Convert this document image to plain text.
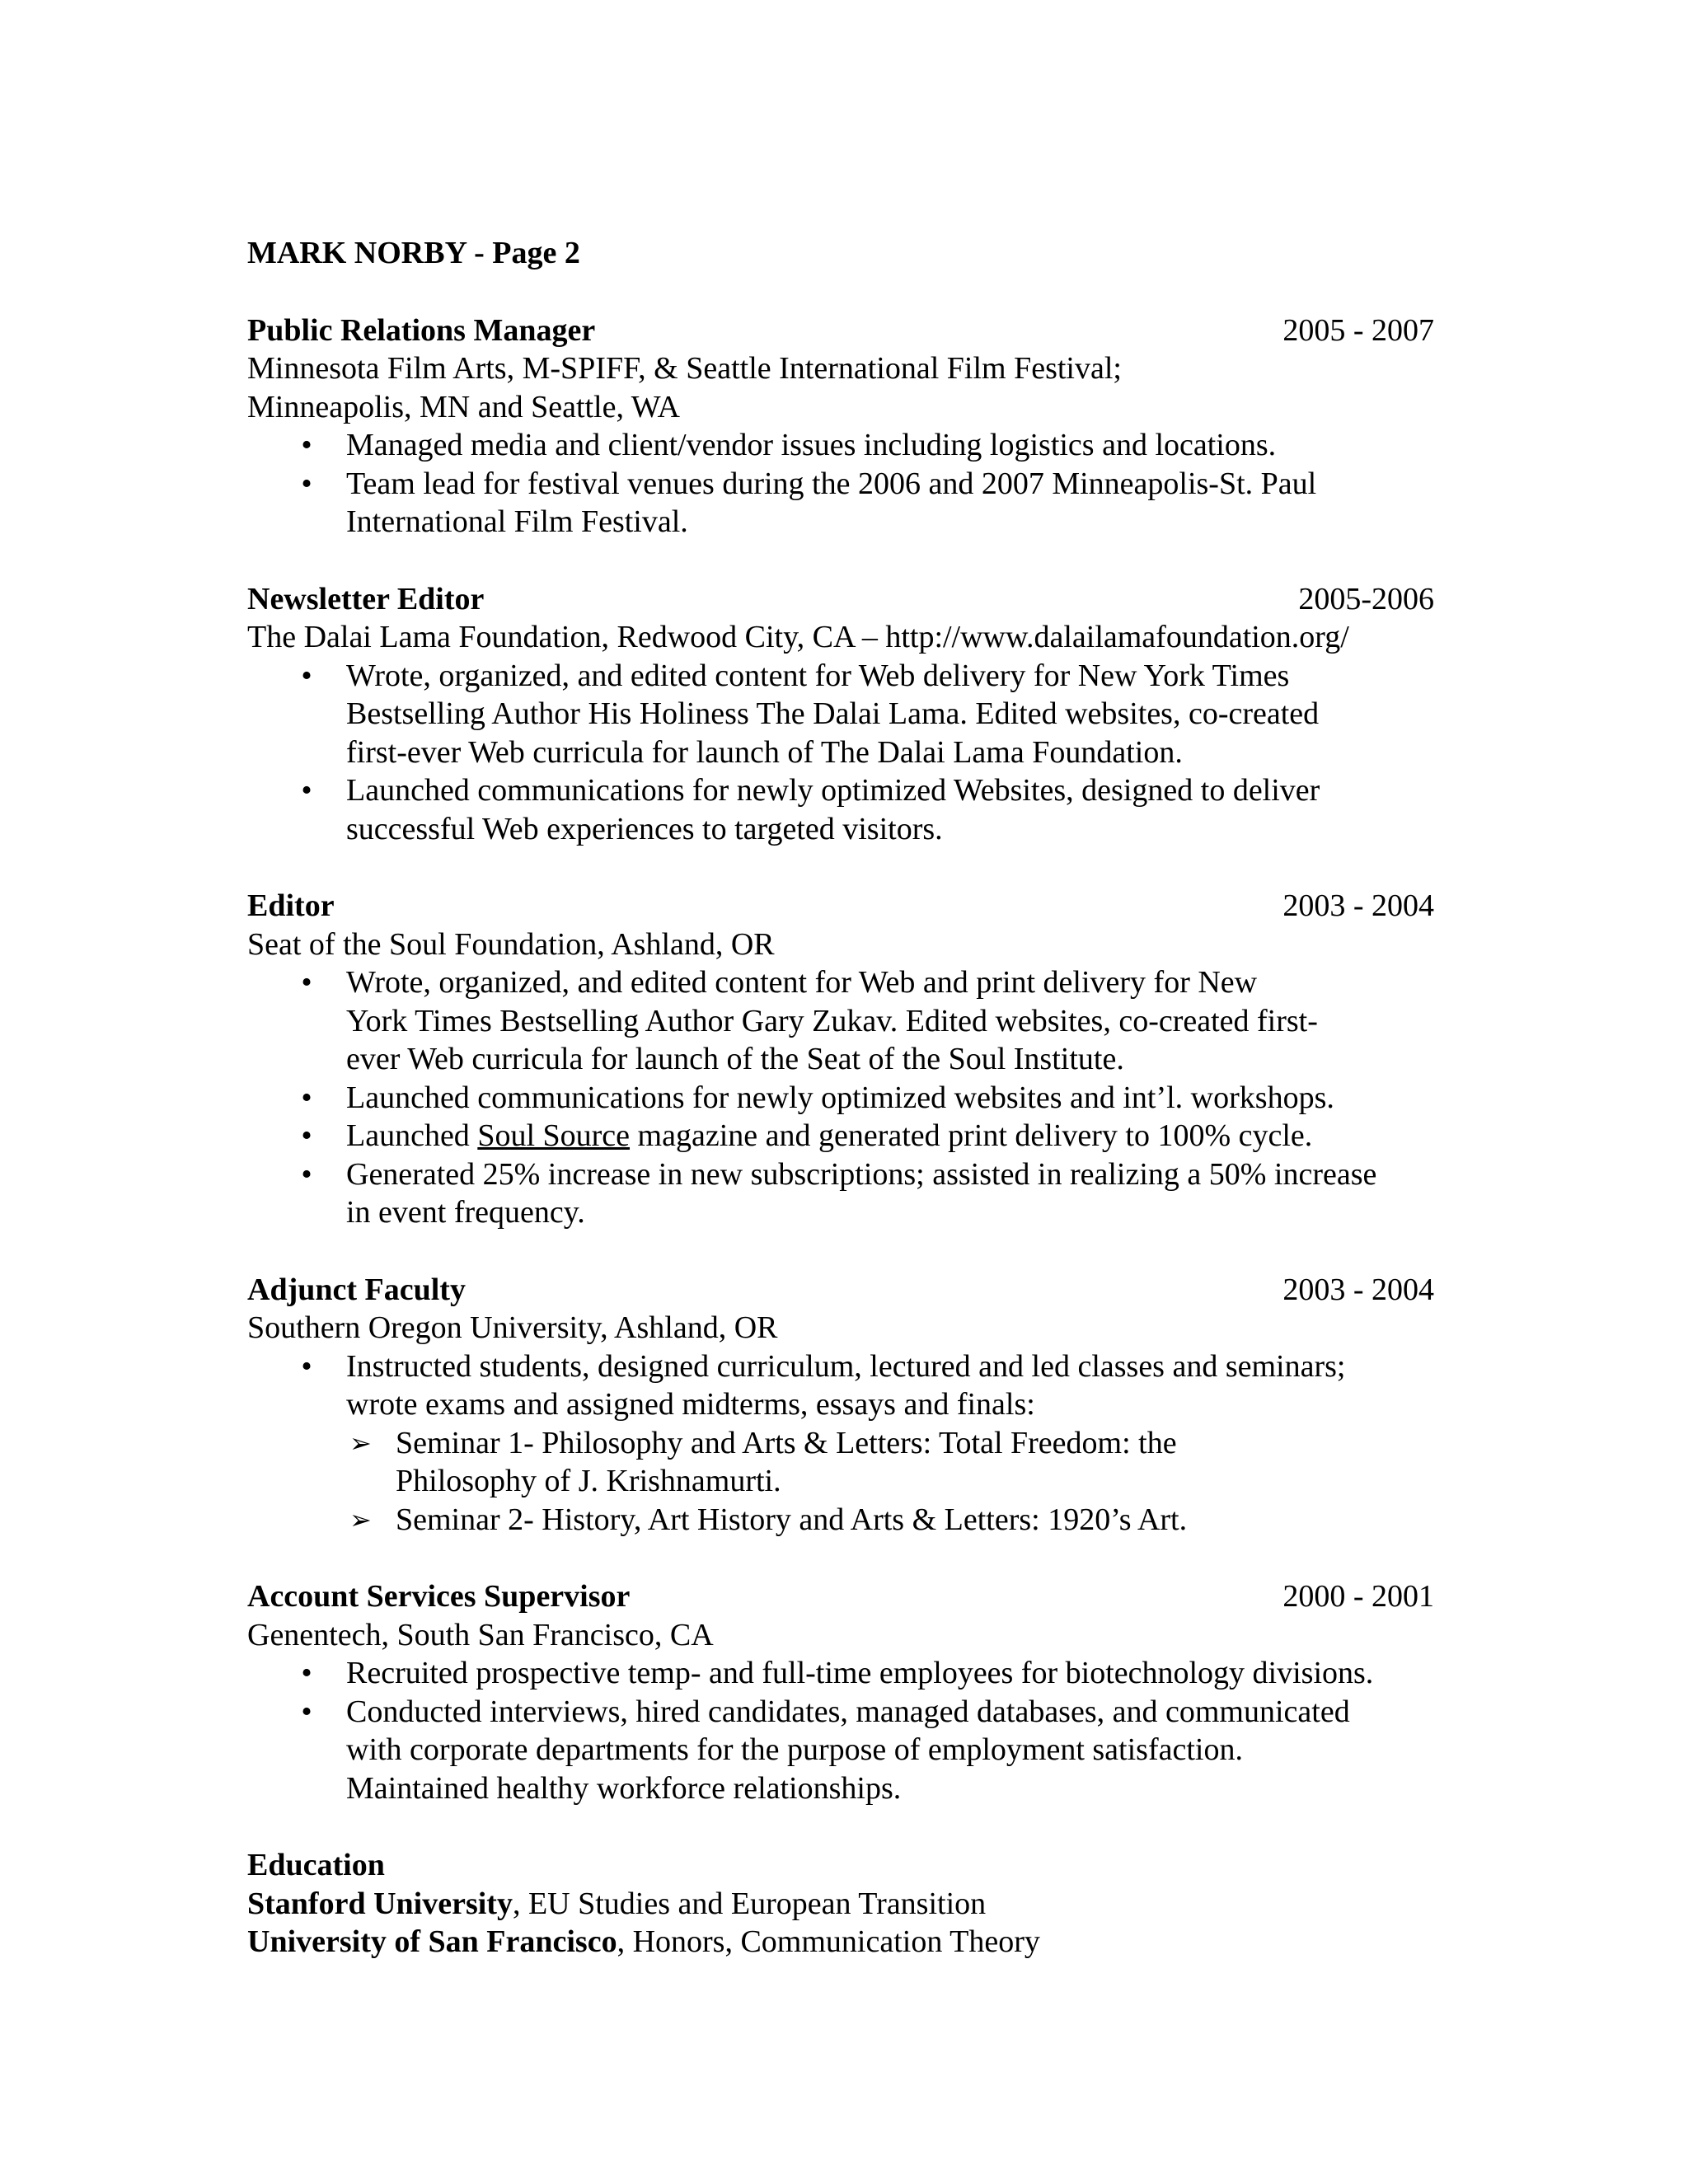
MARK NORBY - Page 2
Public Relations Manager	2005 - 2007
Minnesota Film Arts, M-SPIFF, & Seattle International Film Festival;
Minneapolis, MN and Seattle, WA
• Managed media and client/vendor issues including logistics and locations.
• Team lead for festival venues during the 2006 and 2007 Minneapolis-St. Paul
International Film Festival.
Newsletter Editor	2005-2006
The Dalai Lama Foundation, Redwood City, CA – http://www.dalailamafoundation.org/
• Wrote, organized, and edited content for Web delivery for New York Times
Bestselling Author His Holiness The Dalai Lama. Edited websites, co-created
first-ever Web curricula for launch of The Dalai Lama Foundation.
• Launched communications for newly optimized Websites, designed to deliver
successful Web experiences to targeted visitors.
Editor	2003 - 2004
Seat of the Soul Foundation, Ashland, OR
• Wrote, organized, and edited content for Web and print delivery for New
York Times Bestselling Author Gary Zukav. Edited websites, co-created first-
ever Web curricula for launch of the Seat of the Soul Institute.
• Launched communications for newly optimized websites and int’l. workshops.
• Launched Soul Source magazine and generated print delivery to 100% cycle.
• Generated 25% increase in new subscriptions; assisted in realizing a 50% increase
in event frequency.
Adjunct Faculty	2003 - 2004
Southern Oregon University, Ashland, OR
• Instructed students, designed curriculum, lectured and led classes and seminars;
wrote exams and assigned midterms, essays and finals:
➢ Seminar 1- Philosophy and Arts & Letters: Total Freedom: the
Philosophy of J. Krishnamurti.
➢ Seminar 2- History, Art History and Arts & Letters: 1920’s Art.
Account Services Supervisor	2000 - 2001
Genentech, South San Francisco, CA
• Recruited prospective temp- and full-time employees for biotechnology divisions.
• Conducted interviews, hired candidates, managed databases, and communicated
with corporate departments for the purpose of employment satisfaction.
Maintained healthy workforce relationships.
Education
Stanford University, EU Studies and European Transition
University of San Francisco, Honors, Communication Theory
